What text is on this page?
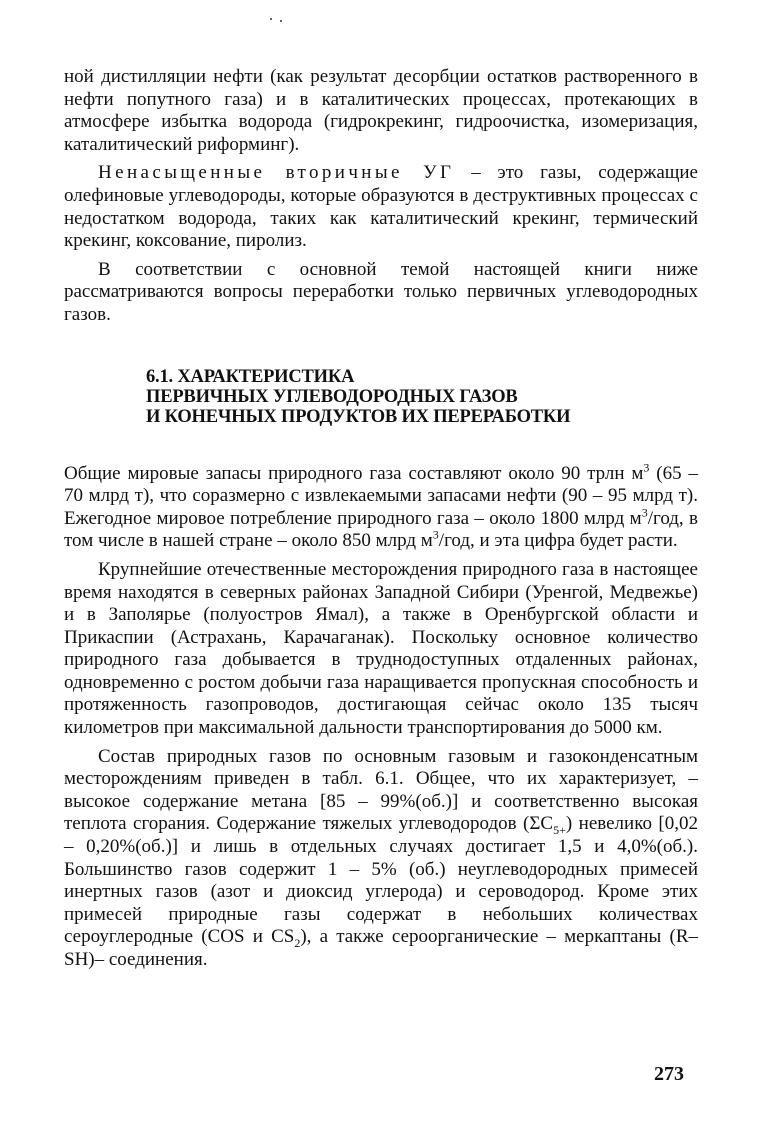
ной дистилляции нефти (как результат десорбции остатков растворенного в нефти попутного газа) и в каталитических процессах, протекающих в атмосфере избытка водорода (гидрокрекинг, гидроочистка, изомеризация, каталитический риформинг).

Ненасыщенные вторичные УГ – это газы, содержащие олефиновые углеводороды, которые образуются в деструктивных процессах с недостатком водорода, таких как каталитический крекинг, термический крекинг, коксование, пиролиз.

В соответствии с основной темой настоящей книги ниже рассматриваются вопросы переработки только первичных углеводородных газов.

6.1. ХАРАКТЕРИСТИКА
ПЕРВИЧНЫХ УГЛЕВОДОРОДНЫХ ГАЗОВ
И КОНЕЧНЫХ ПРОДУКТОВ ИХ ПЕРЕРАБОТКИ

Общие мировые запасы природного газа составляют около 90 трлн $м^3$ (65 – 70 млрд т), что соразмерно с извлекаемыми запасами нефти (90 – 95 млрд т). Ежегодное мировое потребление природного газа – около 1800 млрд $м^3$/год, в том числе в нашей стране – около 850 млрд $м^3$/год, и эта цифра будет расти.

Крупнейшие отечественные месторождения природного газа в настоящее время находятся в северных районах Западной Сибири (Уренгой, Медвежье) и в Заполярье (полуостров Ямал), а также в Оренбургской области и Прикаспии (Астрахань, Карачаганак). Поскольку основное количество природного газа добывается в труднодоступных отдаленных районах, одновременно с ростом добычи газа наращивается пропускная способность и протяженность газопроводов, достигающая сейчас около 135 тысяч километров при максимальной дальности транспортирования до 5000 км.

Состав природных газов по основным газовым и газоконденсатным месторождениям приведен в табл. 6.1. Общее, что их характеризует, – высокое содержание метана [85 – 99%(об.)] и соответственно высокая теплота сгорания. Содержание тяжелых углеводородов $(\Sigma C_{5+})$ невелико [0,02 – 0,20%(об.)] и лишь в отдельных случаях достигает 1,5 и 4,0%(об.). Большинство газов содержит 1 – 5% (об.) неуглеводородных примесей инертных газов (азот и диоксид углерода) и сероводород. Кроме этих примесей природные газы содержат в небольших количествах сероуглеродные (COS и $CS_2$), а также сероорганические – меркаптаны (R–SH)– соединения.

273
